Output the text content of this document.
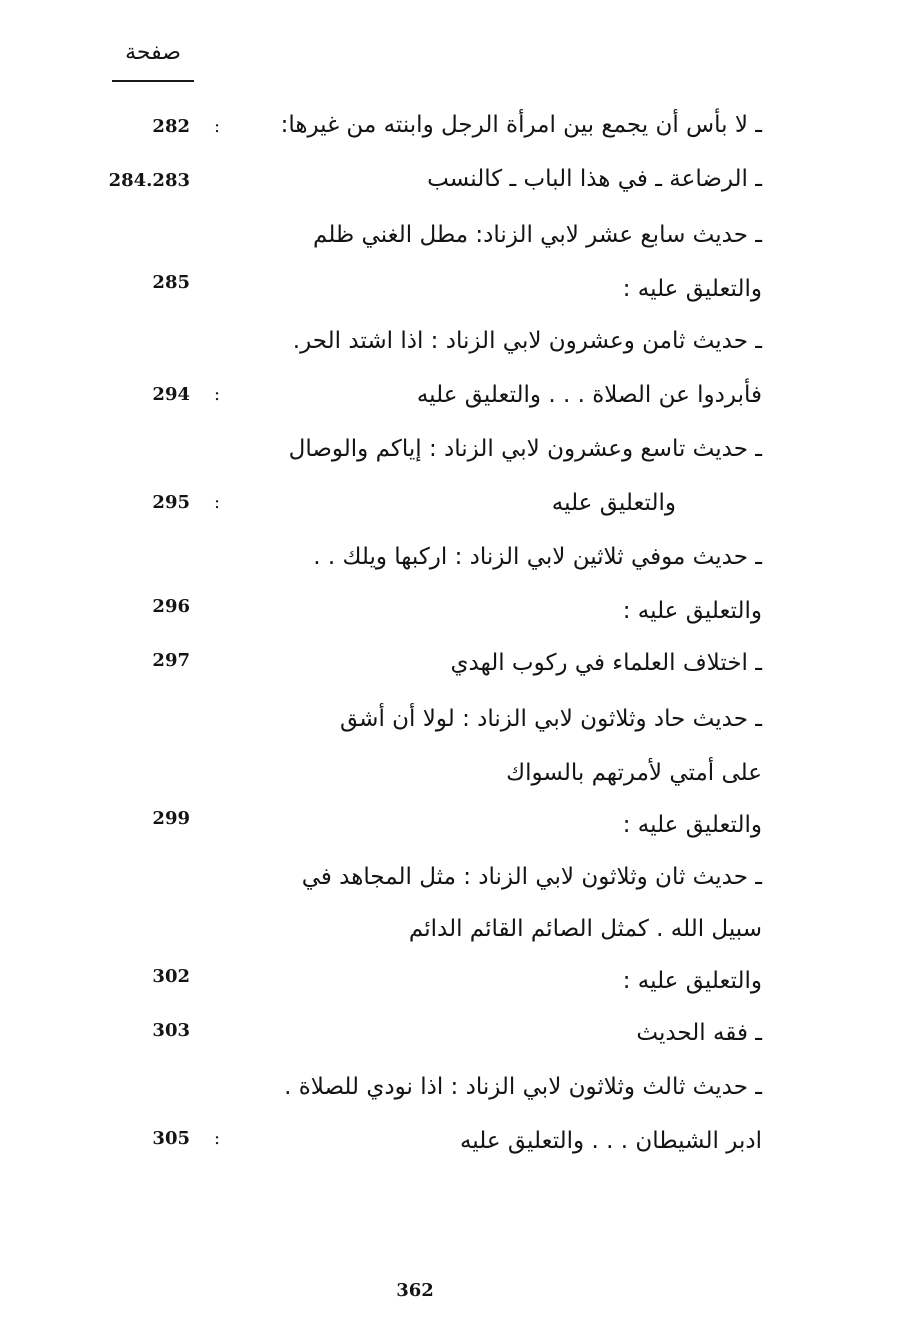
صفحة
ـ لا بأس أن يجمع بين امرأة الرجل وابنته من غيرها:
ـ الرضاعة ـ في هذا الباب ـ كالنسب
ـ حديث سابع عشر لابي الزناد: مطل الغني ظلم
والتعليق عليه :
ـ حديث ثامن وعشرون لابي الزناد : اذا اشتد الحر.
فأبردوا عن الصلاة . . . والتعليق عليه
ـ حديث تاسع وعشرون لابي الزناد : إياكم والوصال
والتعليق عليه
ـ حديث موفي ثلاثين لابي الزناد : اركبها ويلك . .
والتعليق عليه :
ـ اختلاف العلماء في ركوب الهدي
ـ حديث حاد وثلاثون لابي الزناد : لولا أن أشق
على أمتي لأمرتهم بالسواك
والتعليق عليه :
ـ حديث ثان وثلاثون لابي الزناد : مثل المجاهد في
سبيل الله . كمثل الصائم القائم الدائم
والتعليق عليه :
ـ فقه الحديث
ـ حديث ثالث وثلاثون لابي الزناد : اذا نودي للصلاة .
ادبر الشيطان . . . والتعليق عليه
282
284.283
285
294
295
296
297
299
302
303
305
:
:
:
:
362
